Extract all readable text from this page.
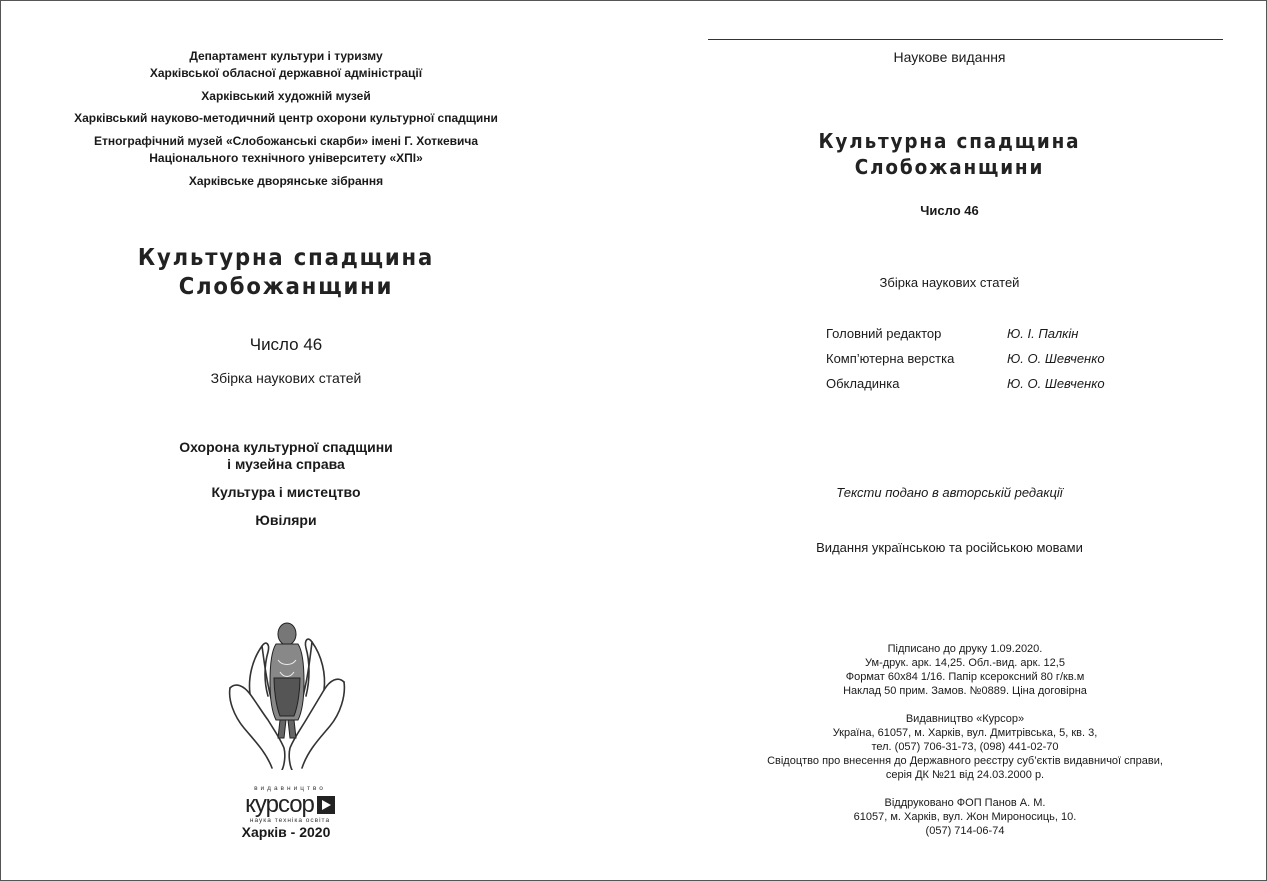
Департамент культури і туризму
Харківської обласної державної адміністрації
Харківський художній музей
Харківський науково-методичний центр охорони культурної спадщини
Етнографічний музей «Слобожанські скарби» імені Г. Хоткевича
Національного технічного університету «ХПІ»
Харківське дворянське зібрання
Культурна спадщина
Слобожанщини
Число 46
Збірка наукових статей
Охорона культурної спадщини
і музейна справа
Культура і мистецтво
Ювіляри
видавництво
курсор
наука техніка освіта
Харків - 2020
Наукове видання
Культурна спадщина
Слобожанщини
Число 46
Збірка наукових статей
Головний редактор	Ю. І. Палкін
Комп’ютерна верстка	Ю. О. Шевченко
Обкладинка	Ю. О. Шевченко
Тексти подано в авторській редакції
Видання українською та російською мовами
Підписано до друку 1.09.2020.
Ум-друк. арк. 14,25. Обл.-вид. арк. 12,5
Формат 60x84 1/16. Папір ксероксний 80 г/кв.м
Наклад 50 прим. Замов. №0889. Ціна договірна
Видавництво «Курсор»
Україна, 61057, м. Харків, вул. Дмитрівська, 5, кв. 3,
тел. (057) 706-31-73, (098) 441-02-70
Свідоцтво про внесення до Державного реєстру суб’єктів видавничої справи,
серія ДК №21 від 24.03.2000 р.
Віддруковано ФОП Панов А. М.
61057, м. Харків, вул. Жон Мироносиць, 10.
(057) 714-06-74
